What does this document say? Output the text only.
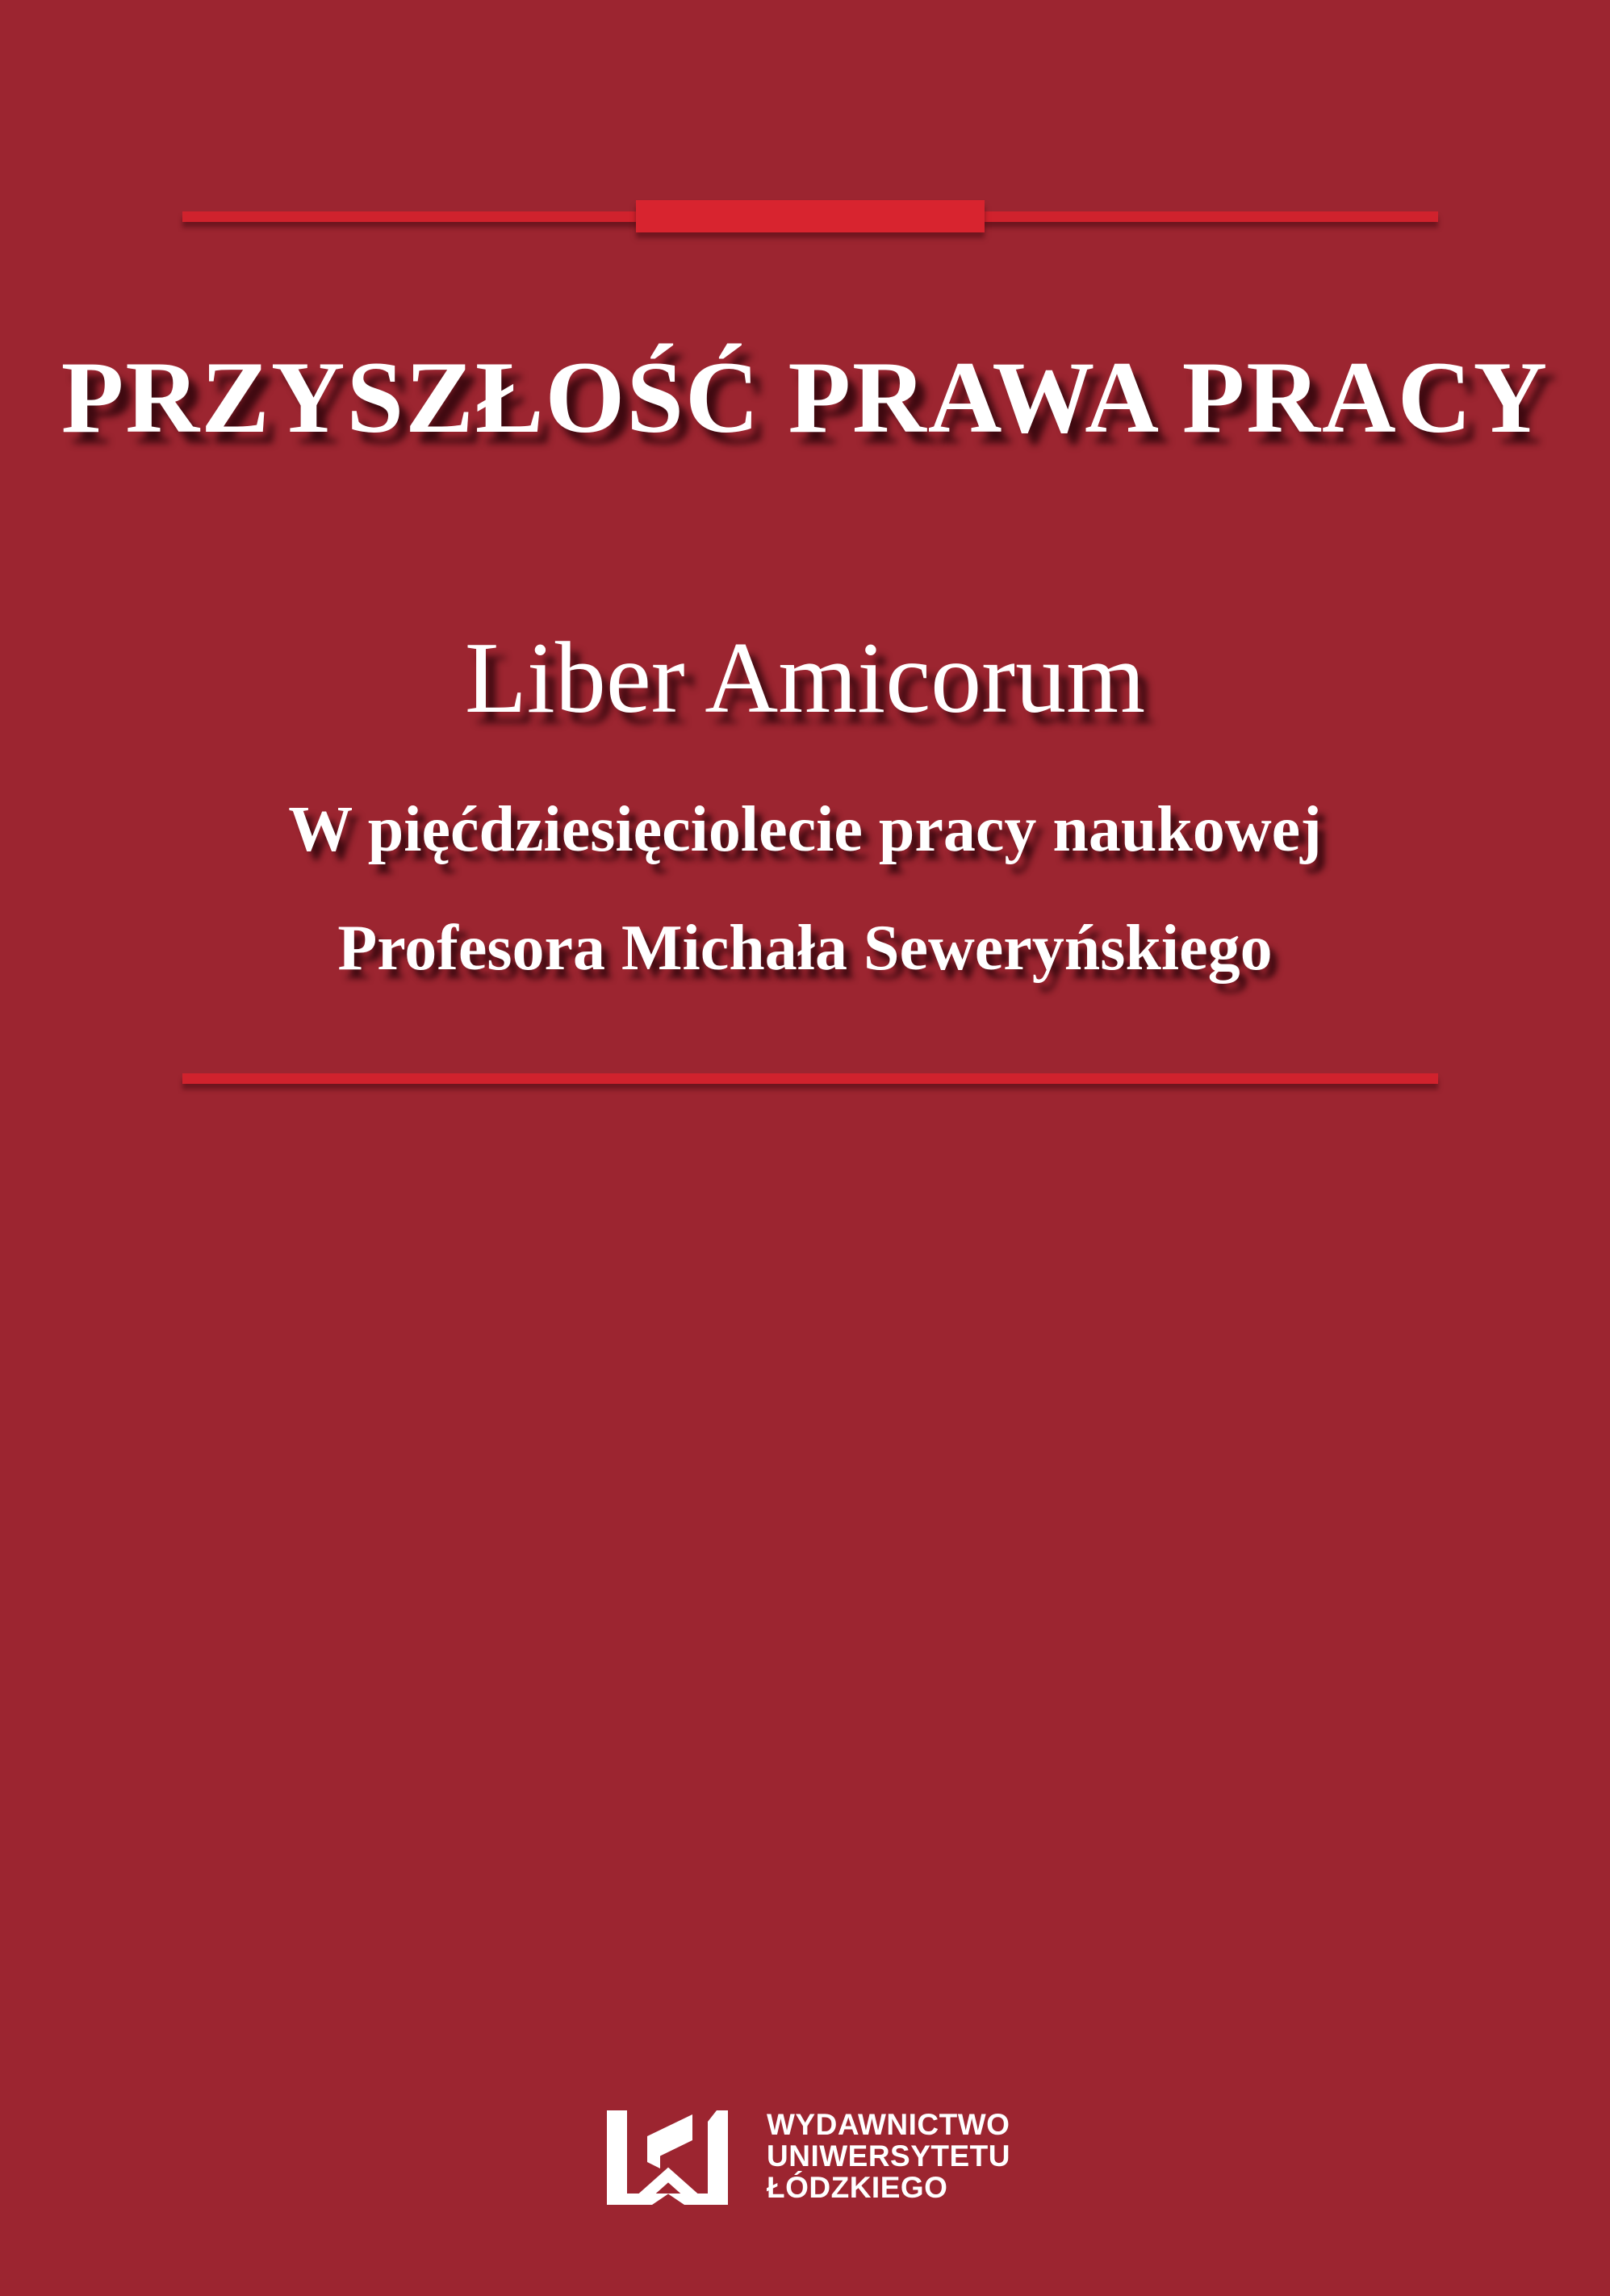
PRZYSZŁOŚĆ PRAWA PRACY
Liber Amicorum
W pięćdziesięciolecie pracy naukowej
Profesora Michała Seweryńskiego
WYDAWNICTWO
UNIWERSYTETU
ŁÓDZKIEGO
